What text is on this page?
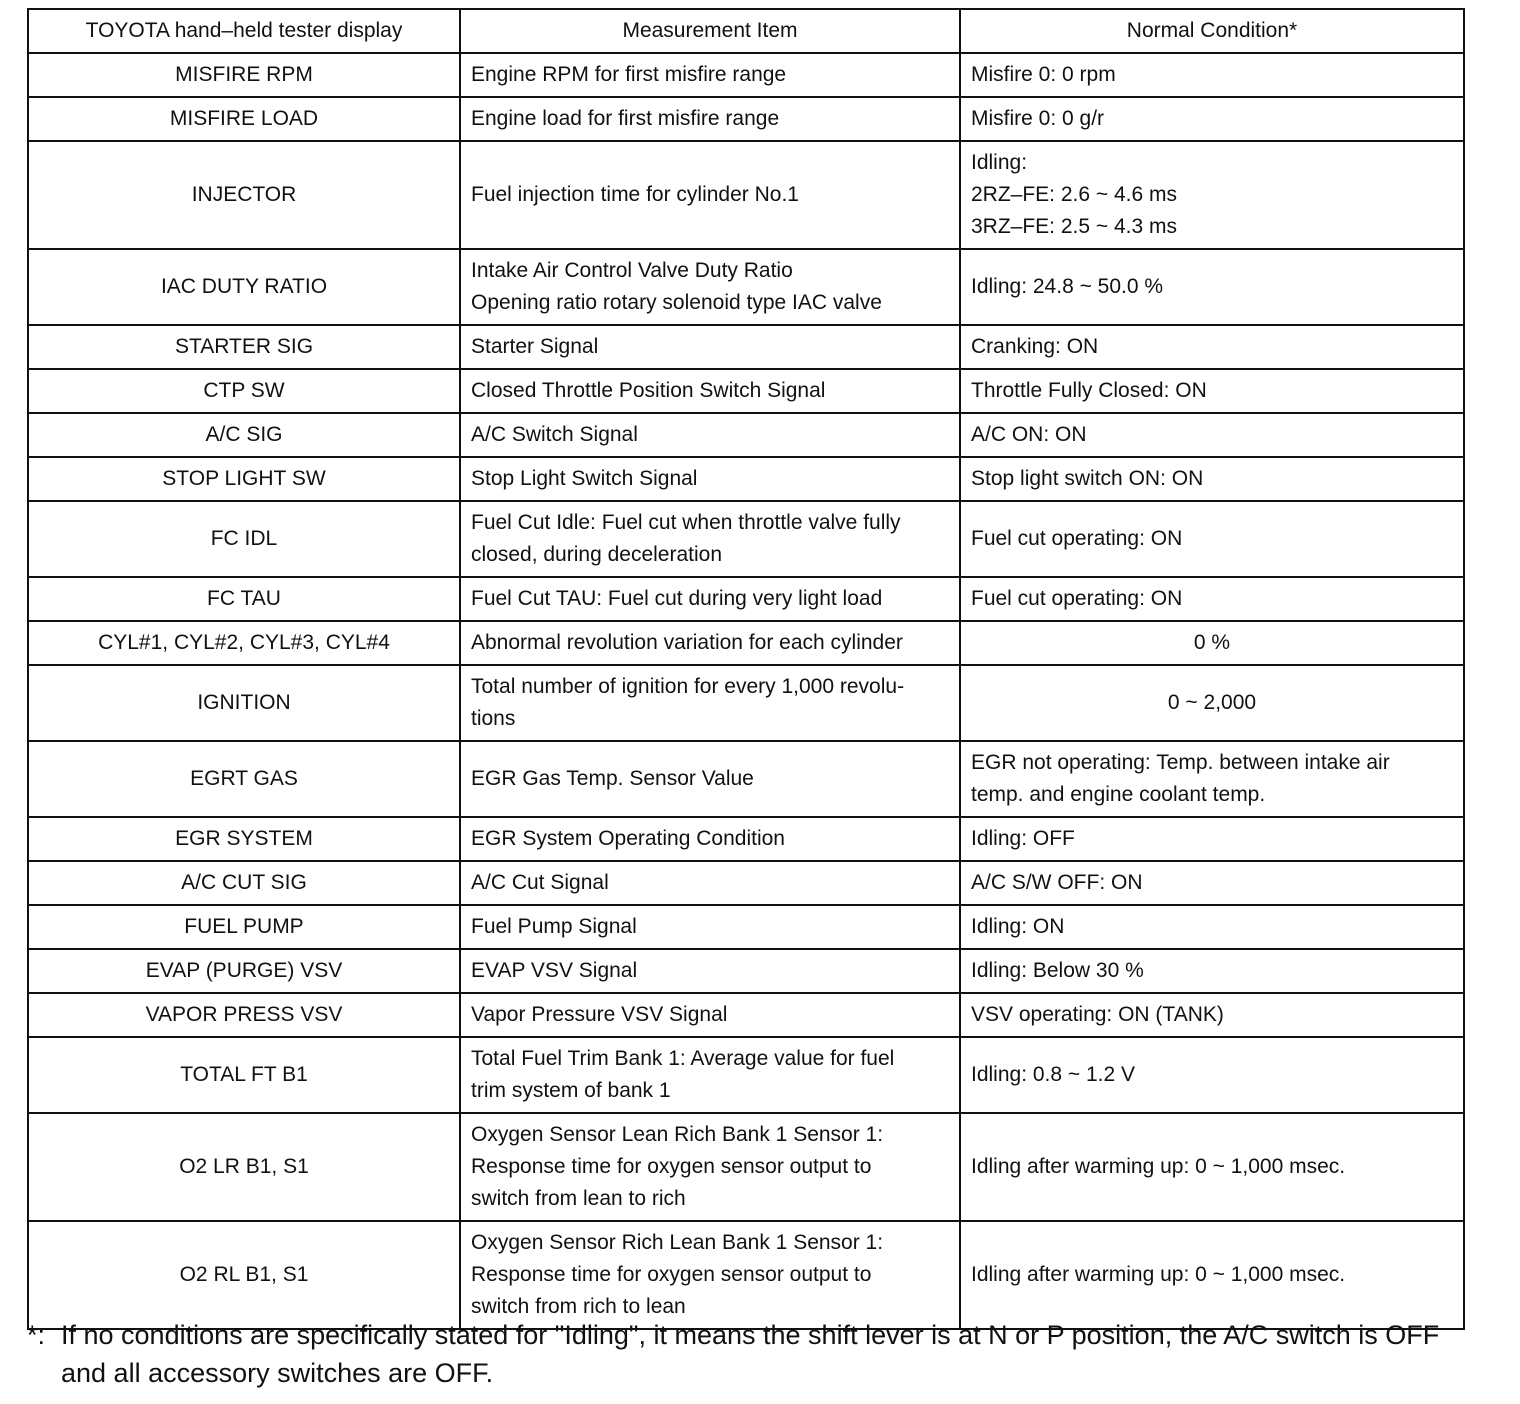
TOYOTA hand–held tester display	Measurement Item	Normal Condition*
MISFIRE RPM	Engine RPM for first misfire range	Misfire 0: 0 rpm

MISFIRE LOAD	Engine load for first misfire range	Misfire 0: 0 g/r

INJECTOR	Fuel injection time for cylinder No.1	Idling:
2RZ–FE: 2.6 ~ 4.6 ms
3RZ–FE: 2.5 ~ 4.3 ms

IAC DUTY RATIO	Intake Air Control Valve Duty Ratio
Opening ratio rotary solenoid type IAC valve	Idling: 24.8 ~ 50.0 %

STARTER SIG	Starter Signal	Cranking: ON

CTP SW	Closed Throttle Position Switch Signal	Throttle Fully Closed: ON

A/C SIG	A/C Switch Signal	A/C ON: ON

STOP LIGHT SW	Stop Light Switch Signal	Stop light switch ON: ON

FC IDL	Fuel Cut Idle: Fuel cut when throttle valve fully
closed, during deceleration	Fuel cut operating: ON

FC TAU	Fuel Cut TAU: Fuel cut during very light load	Fuel cut operating: ON

CYL#1, CYL#2, CYL#3, CYL#4	Abnormal revolution variation for each cylinder	0 %

IGNITION	Total number of ignition for every 1,000 revolu-
tions	0 ~ 2,000

EGRT GAS	EGR Gas Temp. Sensor Value	EGR not operating: Temp. between intake air
temp. and engine coolant temp.

EGR SYSTEM	EGR System Operating Condition	Idling: OFF

A/C CUT SIG	A/C Cut Signal	A/C S/W OFF: ON

FUEL PUMP	Fuel Pump Signal	Idling: ON

EVAP (PURGE) VSV	EVAP VSV Signal	Idling: Below 30 %

VAPOR PRESS VSV	Vapor Pressure VSV Signal	VSV operating: ON (TANK)

TOTAL FT B1	Total Fuel Trim Bank 1: Average value for fuel
trim system of bank 1	Idling: 0.8 ~ 1.2 V

O2 LR B1, S1	Oxygen Sensor Lean Rich Bank 1 Sensor 1:
Response time for oxygen sensor output to
switch from lean to rich	Idling after warming up: 0 ~ 1,000 msec.

O2 RL B1, S1	Oxygen Sensor Rich Lean Bank 1 Sensor 1:
Response time for oxygen sensor output to
switch from rich to lean	Idling after warming up: 0 ~ 1,000 msec.
*: If no conditions are specifically stated for "Idling", it means the shift lever is at N or P position, the A/C switch is OFF and all accessory switches are OFF.
